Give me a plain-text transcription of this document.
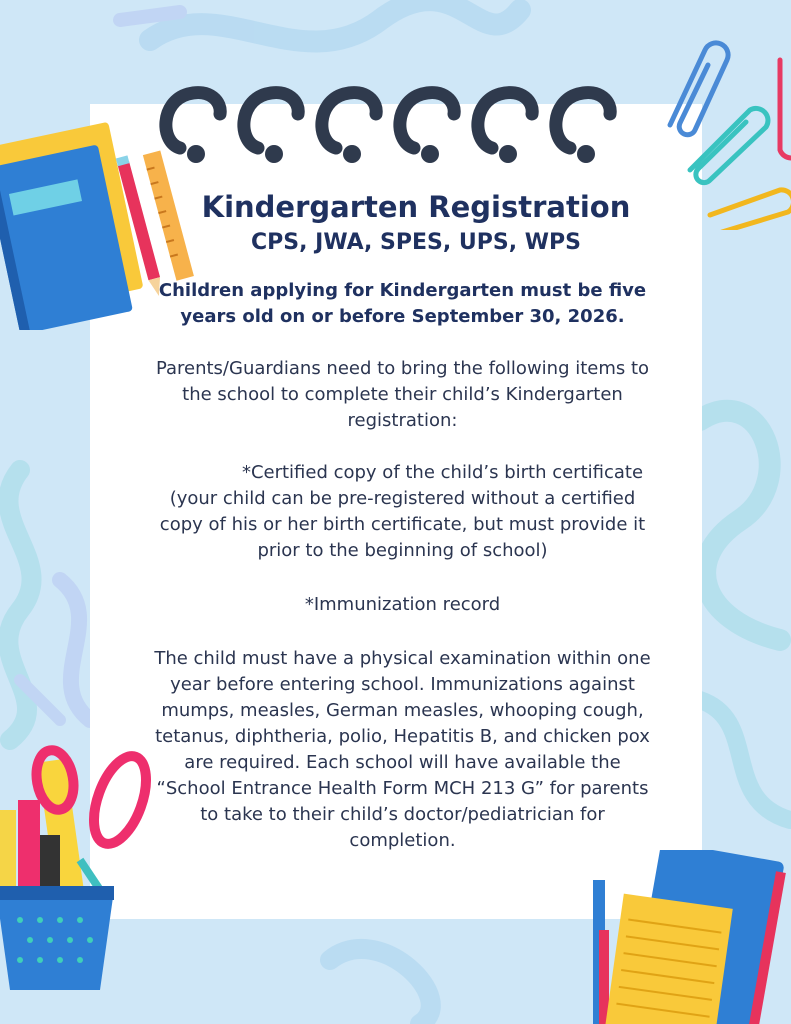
Kindergarten Registration
CPS, JWA, SPES, UPS, WPS

Children applying for Kindergarten must be five years old on or before September 30, 2026.

Parents/Guardians need to bring the following items to the school to complete their child’s Kindergarten registration:

*Certified copy of the child’s birth certificate

(your child can be pre-registered without a certified copy of his or her birth certificate, but must provide it prior to the beginning of school)

*Immunization record

The child must have a physical examination within one year before entering school. Immunizations against mumps, measles, German measles, whooping cough, tetanus, diphtheria, polio, Hepatitis B, and chicken pox are required. Each school will have available the “School Entrance Health Form MCH 213 G” for parents to take to their child’s doctor/pediatrician for completion.
